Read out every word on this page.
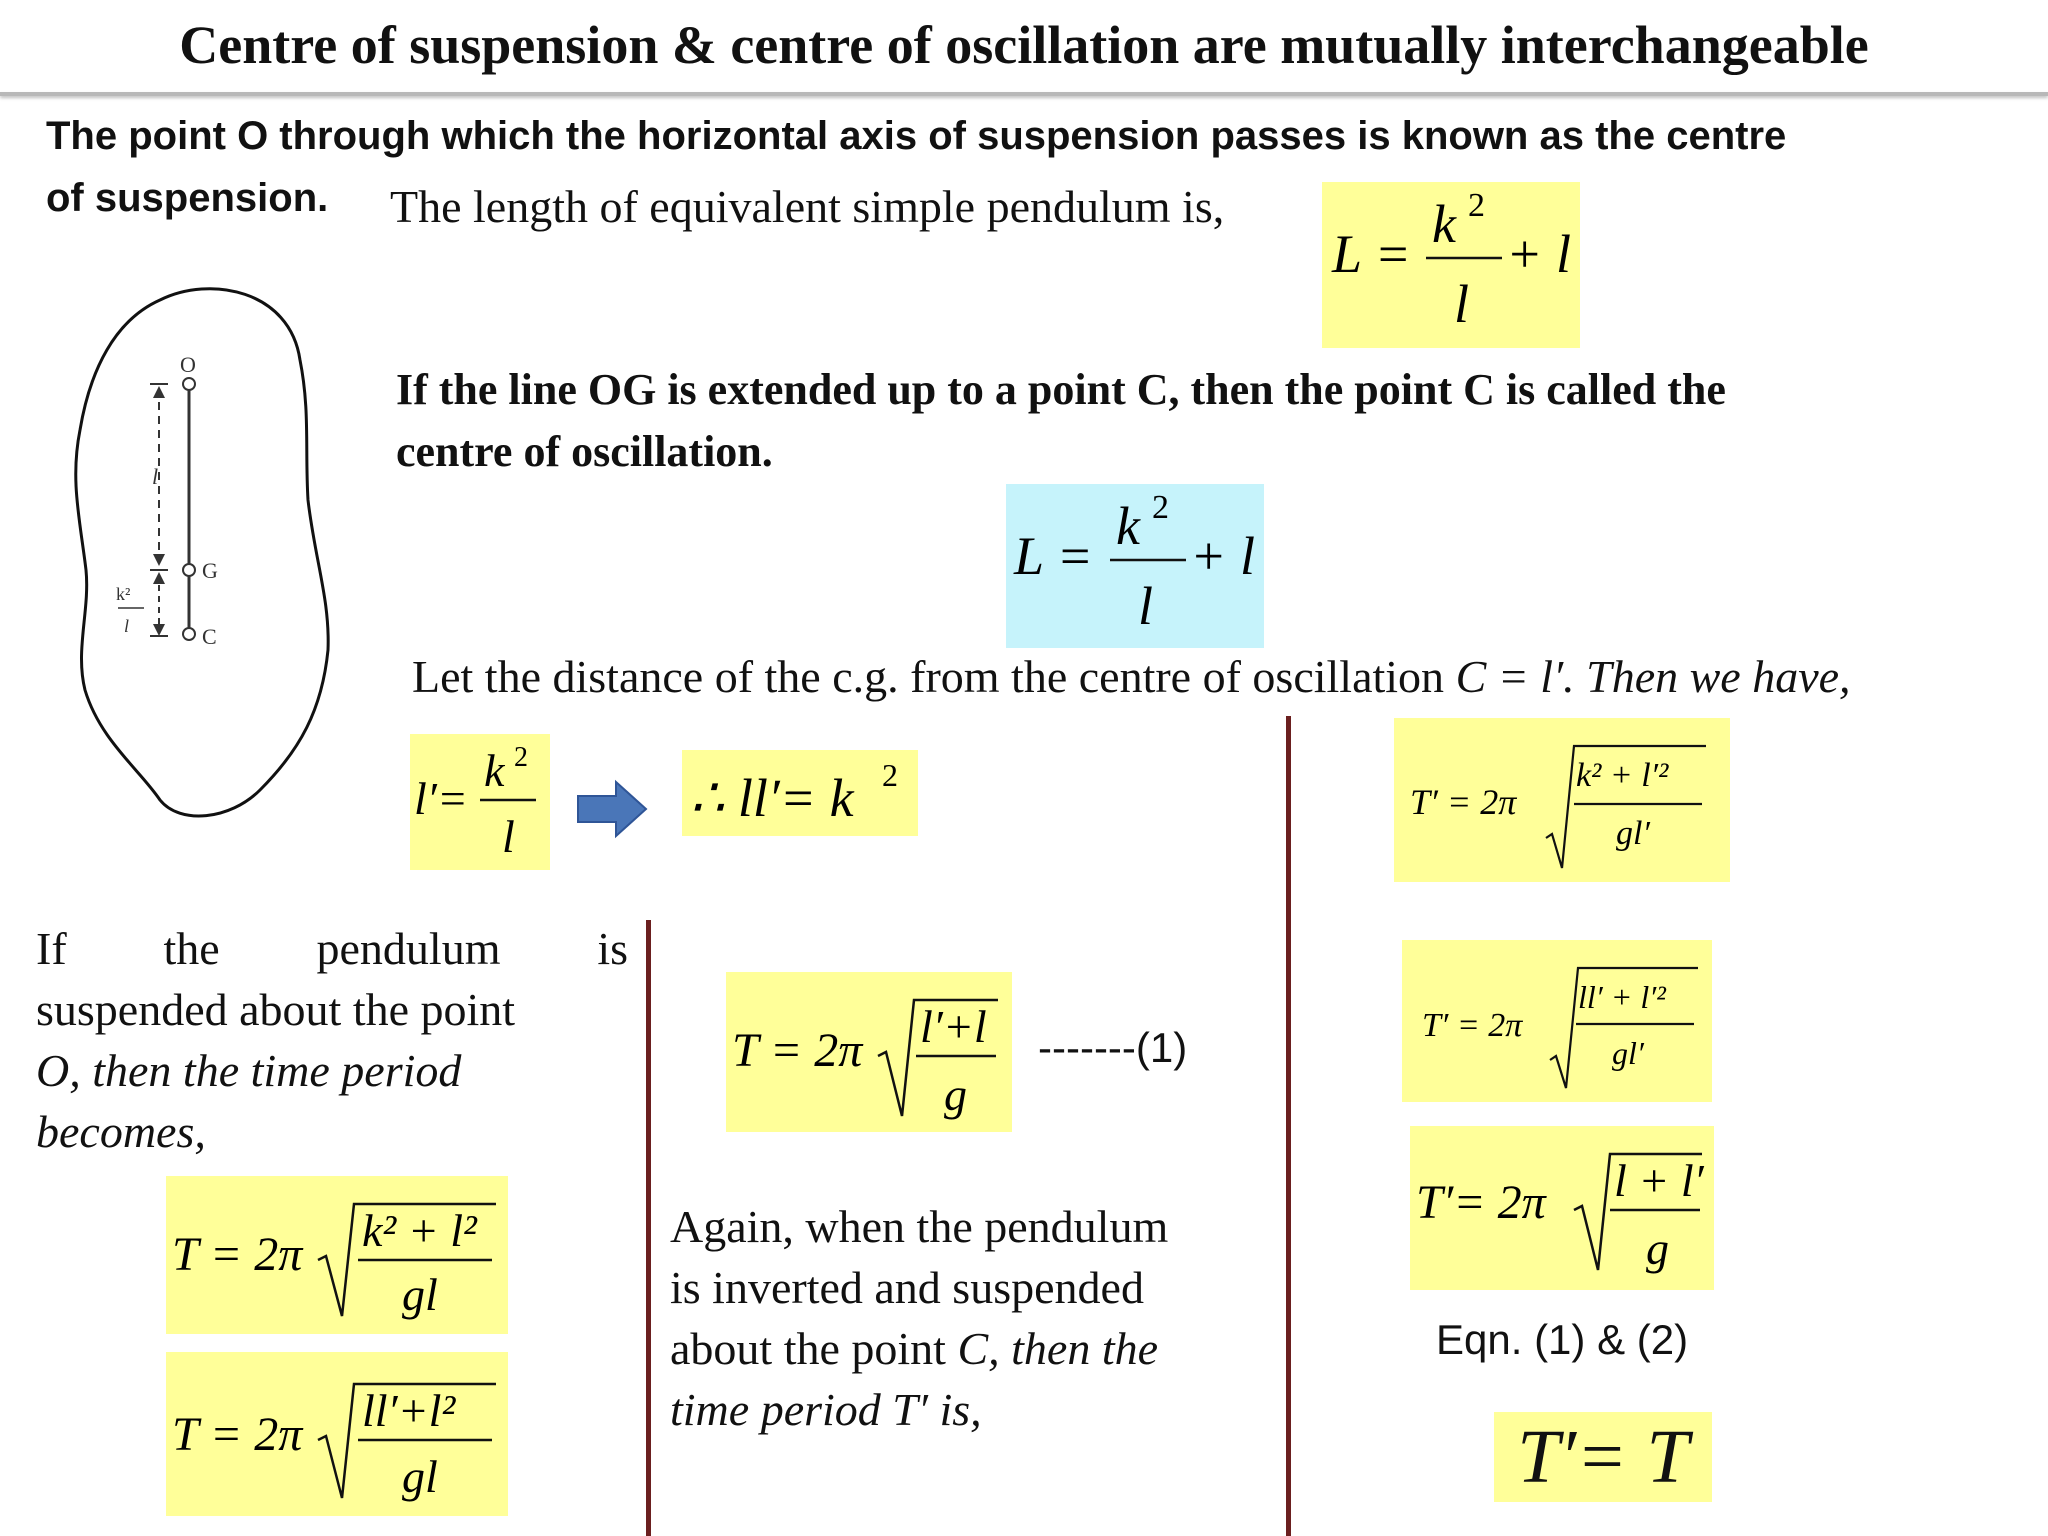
Centre of suspension & centre of oscillation are mutually interchangeable
The point O through which the horizontal axis of suspension passes is known as the centre
of suspension. The length of equivalent simple pendulum is,
L = k 2
l
+ l
O
G
C
l
k²
l
If the line OG is extended up to a point C, then the point C is called the
centre of oscillation.
L = k 2
l
+ l
Let the distance of the c.g. from the centre of oscillation C = l′. Then we have,
l′=
k 2
l
∴ ll′= k 2
If the pendulum is
suspended about the point
O, then the time period
becomes,
T = 2π k² + l²
gl
T = 2π ll′+l²
gl
T = 2π l′+l
g
-------(1)
Again, when the pendulum
is inverted and suspended
about the point C, then the
time period T′ is,
T′ = 2π
k² + l′²
gl′
T′ = 2π
ll′ + l′²
gl′
T′= 2π l + l′
g
Eqn. (1) & (2)
T′= T
